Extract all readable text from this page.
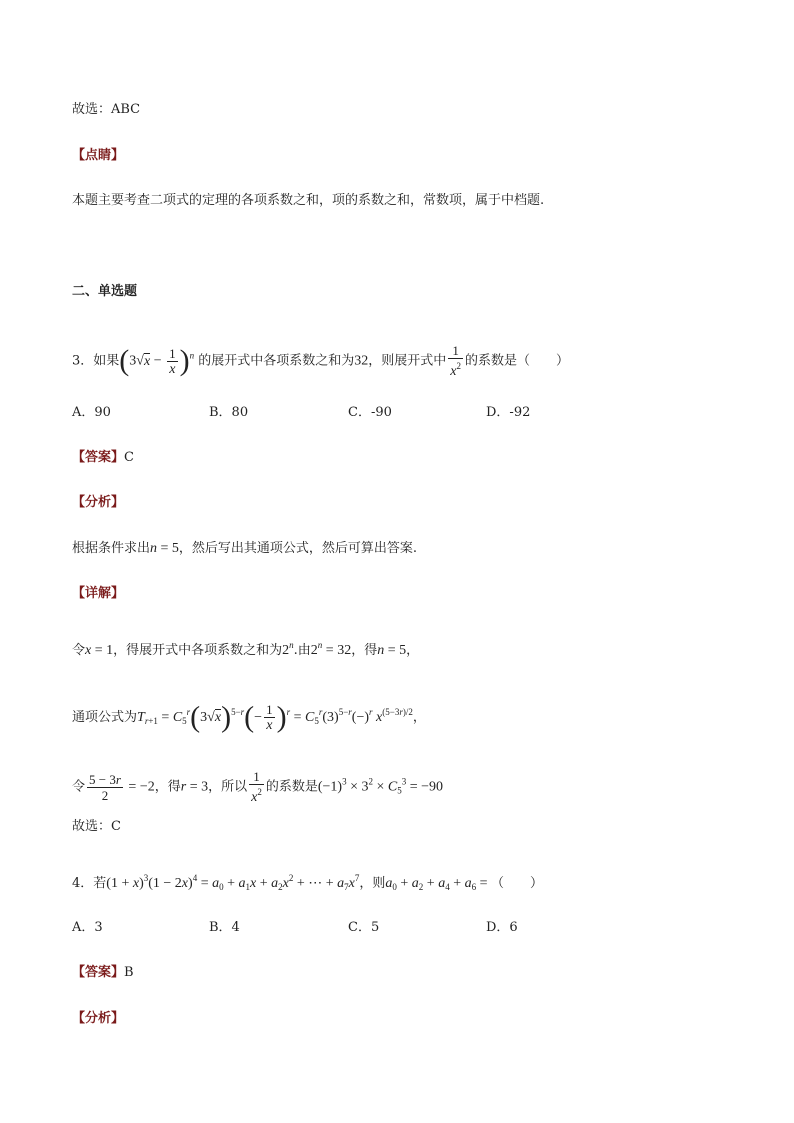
故选：ABC
【点睛】
本题主要考查二项式的定理的各项系数之和，项的系数之和，常数项，属于中档题.
二、单选题
3．如果$(3√x - \frac{1}{x} )^n$ 的展开式中各项系数之和为32，则展开式中 $\frac{1}{x^2}$ 的系数是（　　）
A．90	B．80	C．-90	D．-92
【答案】C
【分析】
根据条件求出n = 5，然后写出其通项公式，然后可算出答案.
【详解】
令x = 1，得展开式中各项系数之和为2$^n$.由$2^n = 32$，得n = 5，
通项公式为$T_{r+1} = C_5^r(3√x)^{5-r}(- \frac{1}{x} )^r = C_5^r(3)^{5-r}(-)^r$ $x^{(5-3r)/2}$，
令 $\frac{5 - 3r}{2} = -2$，得r = 3，所以 $\frac{1}{x^2}$ 的系数是$(-1)^3 \times 3^2 \times C_5^3 = -90$
故选：C
4．若$(1 + x)^3(1 - 2x)^4 = a_0 + a_1x + a_2x^2$ + ⋯ + $a_7x^7$，则$a_0 + a_2 + a_4 + a_6$ = （　　）
A．3	B．4	C．5	D．6
【答案】B
【分析】
